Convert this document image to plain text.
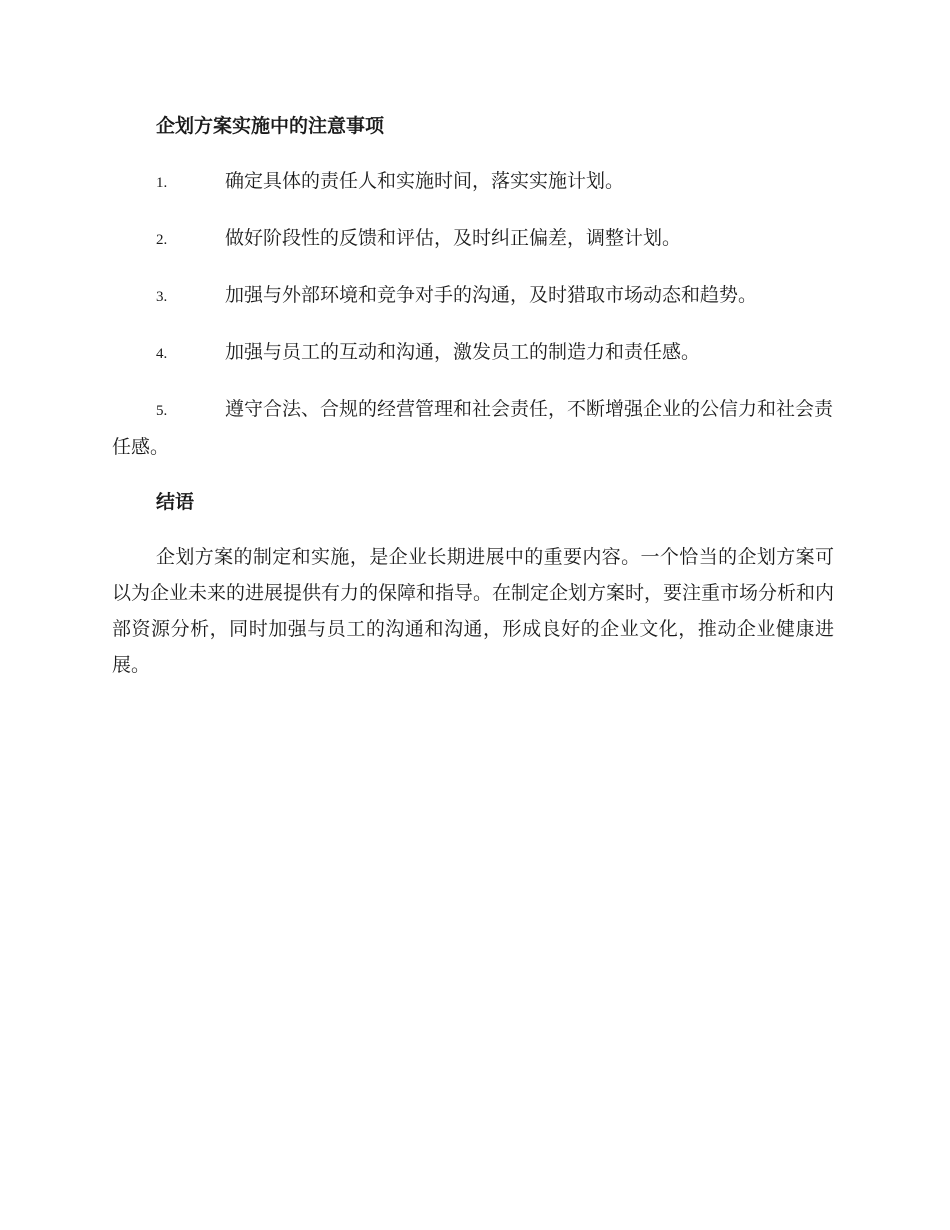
企划方案实施中的注意事项
1.	确定具体的责任人和实施时间，落实实施计划。
2.	做好阶段性的反馈和评估，及时纠正偏差，调整计划。
3.	加强与外部环境和竞争对手的沟通，及时猎取市场动态和趋势。
4.	加强与员工的互动和沟通，激发员工的制造力和责任感。
5.	遵守合法、合规的经营管理和社会责任，不断增强企业的公信力和社会责任感。
结语

企划方案的制定和实施，是企业长期进展中的重要内容。一个恰当的企划方案可以为企业未来的进展提供有力的保障和指导。在制定企划方案时，要注重市场分析和内部资源分析，同时加强与员工的沟通和沟通，形成良好的企业文化，推动企业健康进展。
